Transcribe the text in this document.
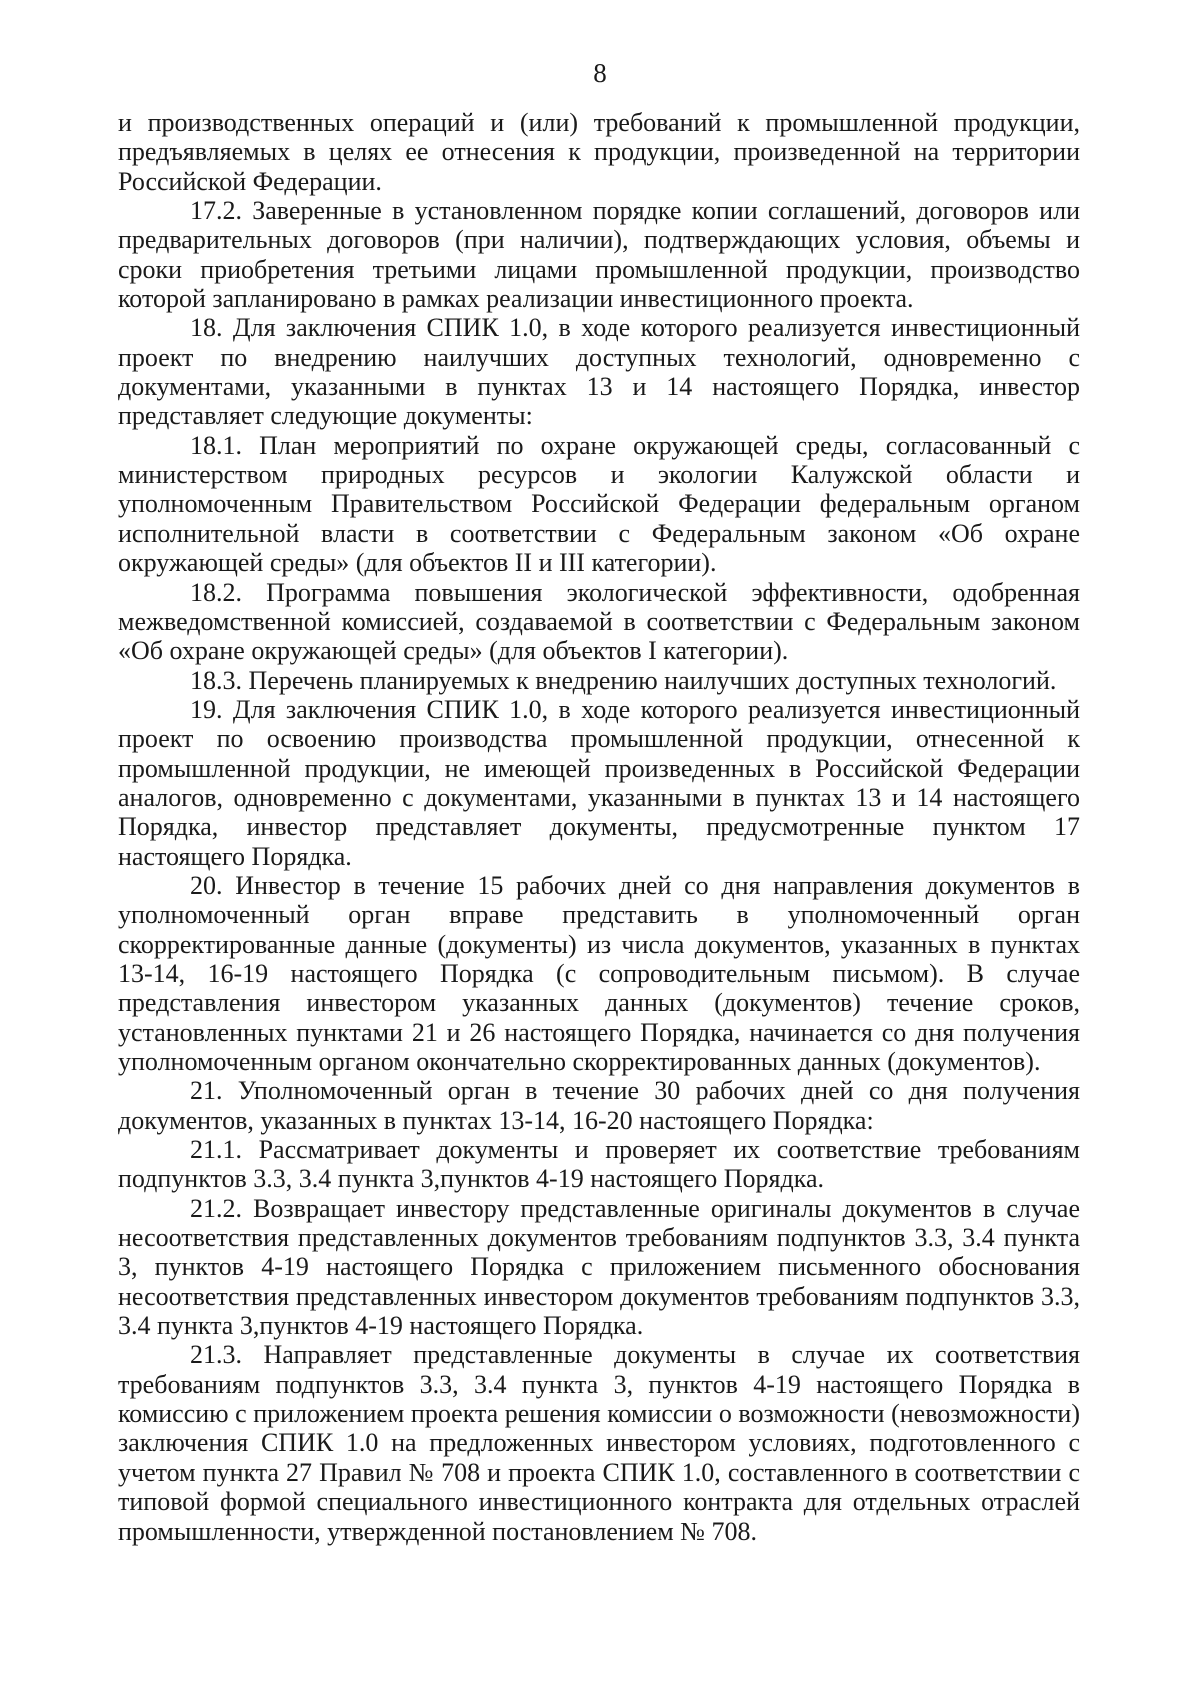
8

и производственных операций и (или) требований к промышленной продукции, предъявляемых в целях ее отнесения к продукции, произведенной на территории Российской Федерации.

17.2. Заверенные в установленном порядке копии соглашений, договоров или предварительных договоров (при наличии), подтверждающих условия, объемы и сроки приобретения третьими лицами промышленной продукции, производство которой запланировано в рамках реализации инвестиционного проекта.

18. Для заключения СПИК 1.0, в ходе которого реализуется инвестиционный проект по внедрению наилучших доступных технологий, одновременно с документами, указанными в пунктах 13 и 14 настоящего Порядка, инвестор представляет следующие документы:

18.1. План мероприятий по охране окружающей среды, согласованный с министерством природных ресурсов и экологии Калужской области и уполномоченным Правительством Российской Федерации федеральным органом исполнительной власти в соответствии с Федеральным законом «Об охране окружающей среды» (для объектов II и III категории).

18.2. Программа повышения экологической эффективности, одобренная межведомственной комиссией, создаваемой в соответствии с Федеральным законом «Об охране окружающей среды» (для объектов I категории).

18.3. Перечень планируемых к внедрению наилучших доступных технологий.

19. Для заключения СПИК 1.0, в ходе которого реализуется инвестиционный проект по освоению производства промышленной продукции, отнесенной к промышленной продукции, не имеющей произведенных в Российской Федерации аналогов, одновременно с документами, указанными в пунктах 13 и 14 настоящего Порядка, инвестор представляет документы, предусмотренные пунктом 17 настоящего Порядка.

20. Инвестор в течение 15 рабочих дней со дня направления документов в уполномоченный орган вправе представить в уполномоченный орган скорректированные данные (документы) из числа документов, указанных в пунктах 13-14, 16-19 настоящего Порядка (с сопроводительным письмом). В случае представления инвестором указанных данных (документов) течение сроков, установленных пунктами 21 и 26 настоящего Порядка, начинается со дня получения уполномоченным органом окончательно скорректированных данных (документов).

21. Уполномоченный орган в течение 30 рабочих дней со дня получения документов, указанных в пунктах 13-14, 16-20 настоящего Порядка:

21.1. Рассматривает документы и проверяет их соответствие требованиям подпунктов 3.3, 3.4 пункта 3,пунктов 4-19 настоящего Порядка.

21.2. Возвращает инвестору представленные оригиналы документов в случае несоответствия представленных документов требованиям подпунктов 3.3, 3.4 пункта 3, пунктов 4-19 настоящего Порядка с приложением письменного обоснования несоответствия представленных инвестором документов требованиям подпунктов 3.3, 3.4 пункта 3,пунктов 4-19 настоящего Порядка.

21.3. Направляет представленные документы в случае их соответствия требованиям подпунктов 3.3, 3.4 пункта 3, пунктов 4-19 настоящего Порядка в комиссию с приложением проекта решения комиссии о возможности (невозможности) заключения СПИК 1.0 на предложенных инвестором условиях, подготовленного с учетом пункта 27 Правил № 708 и проекта СПИК 1.0, составленного в соответствии с типовой формой специального инвестиционного контракта для отдельных отраслей промышленности, утвержденной постановлением № 708.
